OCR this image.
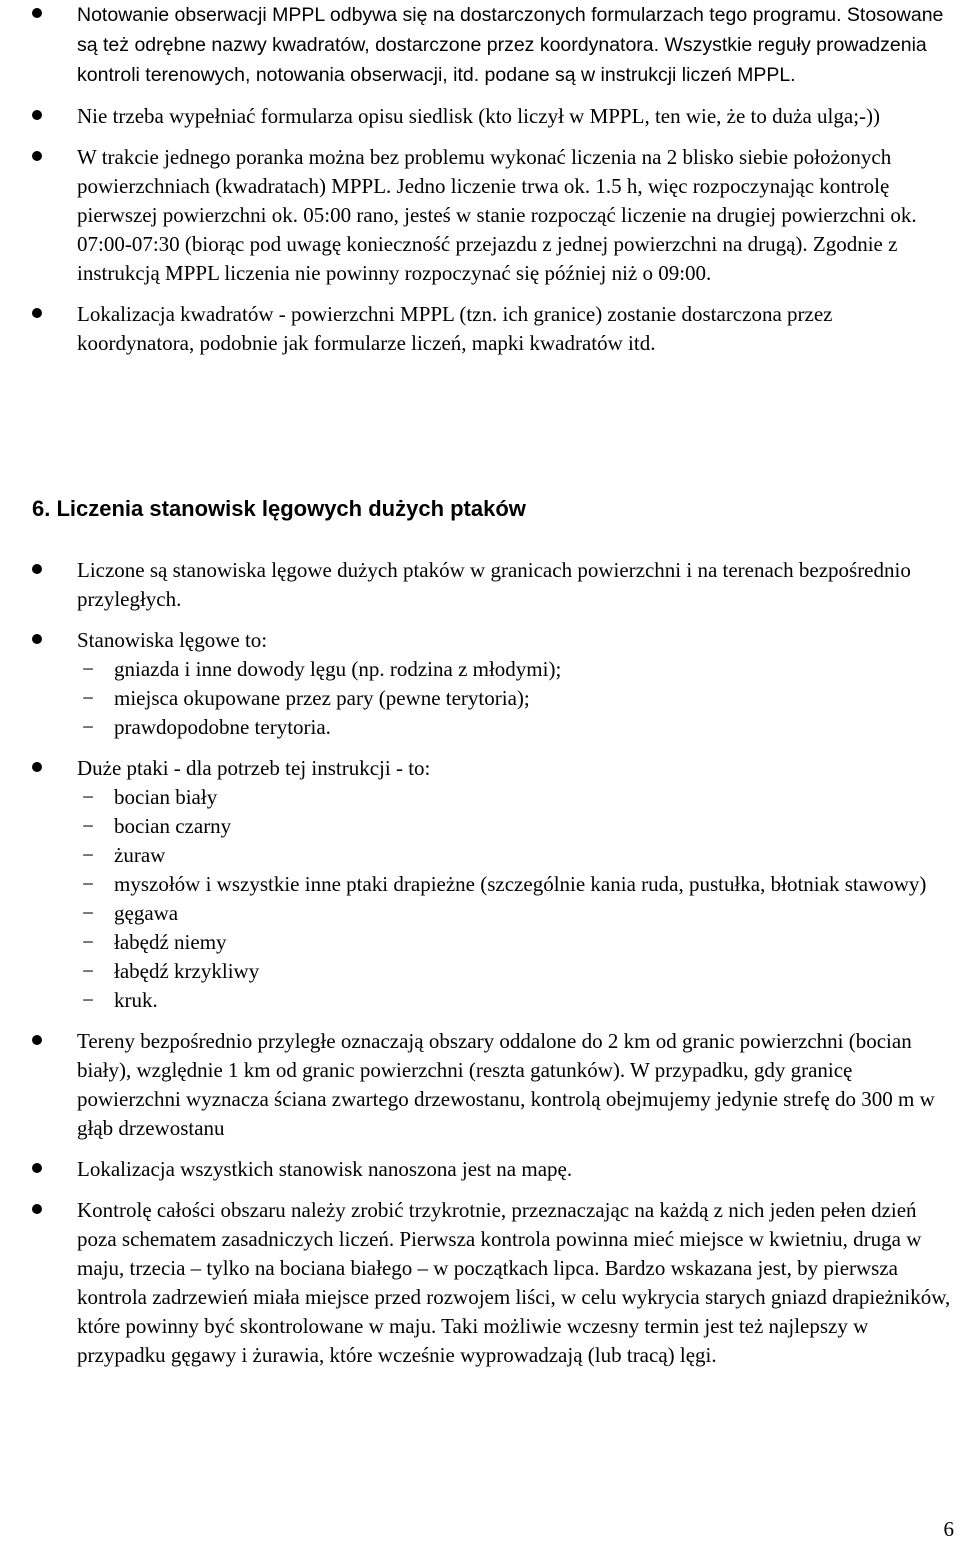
Notowanie obserwacji MPPL odbywa się na dostarczonych formularzach tego programu. Stosowane są też odrębne nazwy kwadratów, dostarczone przez koordynatora. Wszystkie reguły prowadzenia kontroli terenowych, notowania obserwacji, itd. podane są w instrukcji liczeń MPPL.
Nie trzeba wypełniać formularza opisu siedlisk (kto liczył w MPPL, ten wie, że to duża ulga;-))
W trakcie jednego poranka można bez problemu wykonać liczenia na 2 blisko siebie położonych powierzchniach (kwadratach) MPPL. Jedno liczenie trwa ok. 1.5 h, więc rozpoczynając kontrolę pierwszej powierzchni ok. 05:00 rano, jesteś w stanie rozpocząć liczenie na drugiej powierzchni ok. 07:00-07:30 (biorąc pod uwagę konieczność przejazdu z jednej powierzchni na drugą). Zgodnie z instrukcją MPPL liczenia nie powinny rozpoczynać się później niż o 09:00.
Lokalizacja kwadratów - powierzchni MPPL (tzn. ich granice) zostanie dostarczona przez koordynatora, podobnie jak formularze liczeń, mapki kwadratów itd.
6. Liczenia stanowisk lęgowych dużych ptaków
Liczone są stanowiska lęgowe dużych ptaków w granicach powierzchni i na terenach bezpośrednio przyległych.
Stanowiska lęgowe to:
− gniazda i inne dowody lęgu (np. rodzina z młodymi);
− miejsca okupowane przez pary (pewne terytoria);
− prawdopodobne terytoria.
Duże ptaki - dla potrzeb tej instrukcji - to:
− bocian biały
− bocian czarny
− żuraw
− myszołów i wszystkie inne ptaki drapieżne (szczególnie kania ruda, pustułka, błotniak stawowy)
− gęgawa
− łabędź niemy
− łabędź krzykliwy
− kruk.
Tereny bezpośrednio przyległe oznaczają obszary oddalone do 2 km od granic powierzchni (bocian biały), względnie 1 km od granic powierzchni (reszta gatunków). W przypadku, gdy granicę powierzchni wyznacza ściana zwartego drzewostanu, kontrolą obejmujemy jedynie strefę do 300 m w głąb drzewostanu
Lokalizacja wszystkich stanowisk nanoszona jest na mapę.
Kontrolę całości obszaru należy zrobić trzykrotnie, przeznaczając na każdą z nich jeden pełen dzień poza schematem zasadniczych liczeń. Pierwsza kontrola powinna mieć miejsce w kwietniu, druga w maju, trzecia – tylko na bociana białego – w początkach lipca. Bardzo wskazana jest, by pierwsza kontrola zadrzewień miała miejsce przed rozwojem liści, w celu wykrycia starych gniazd drapieżników, które powinny być skontrolowane w maju. Taki możliwie wczesny termin jest też najlepszy w przypadku gęgawy i żurawia, które wcześnie wyprowadzają (lub tracą) lęgi.
6
